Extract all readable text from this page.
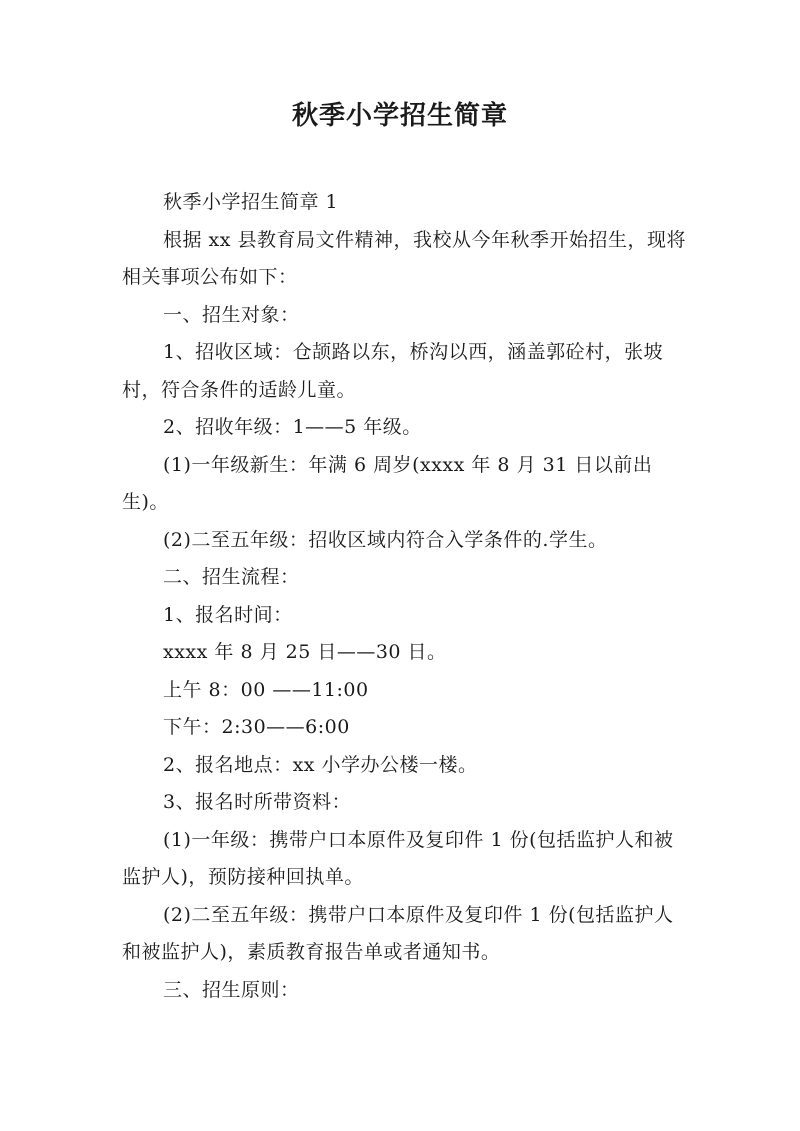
秋季小学招生简章

秋季小学招生简章 1

根据 xx 县教育局文件精神，我校从今年秋季开始招生，现将相关事项公布如下：

一、招生对象：

1、招收区域：仓颉路以东，桥沟以西，涵盖郭砼村，张坡村，符合条件的适龄儿童。

2、招收年级：1——5 年级。

(1)一年级新生：年满 6 周岁(xxxx 年 8 月 31 日以前出生)。

(2)二至五年级：招收区域内符合入学条件的.学生。

二、招生流程：

1、报名时间：

xxxx 年 8 月 25 日——30 日。

上午 8：00 ——11:00

下午：2:30——6:00

2、报名地点：xx 小学办公楼一楼。

3、报名时所带资料：

(1)一年级：携带户口本原件及复印件 1 份(包括监护人和被监护人)，预防接种回执单。

(2)二至五年级：携带户口本原件及复印件 1 份(包括监护人和被监护人)，素质教育报告单或者通知书。

三、招生原则：
